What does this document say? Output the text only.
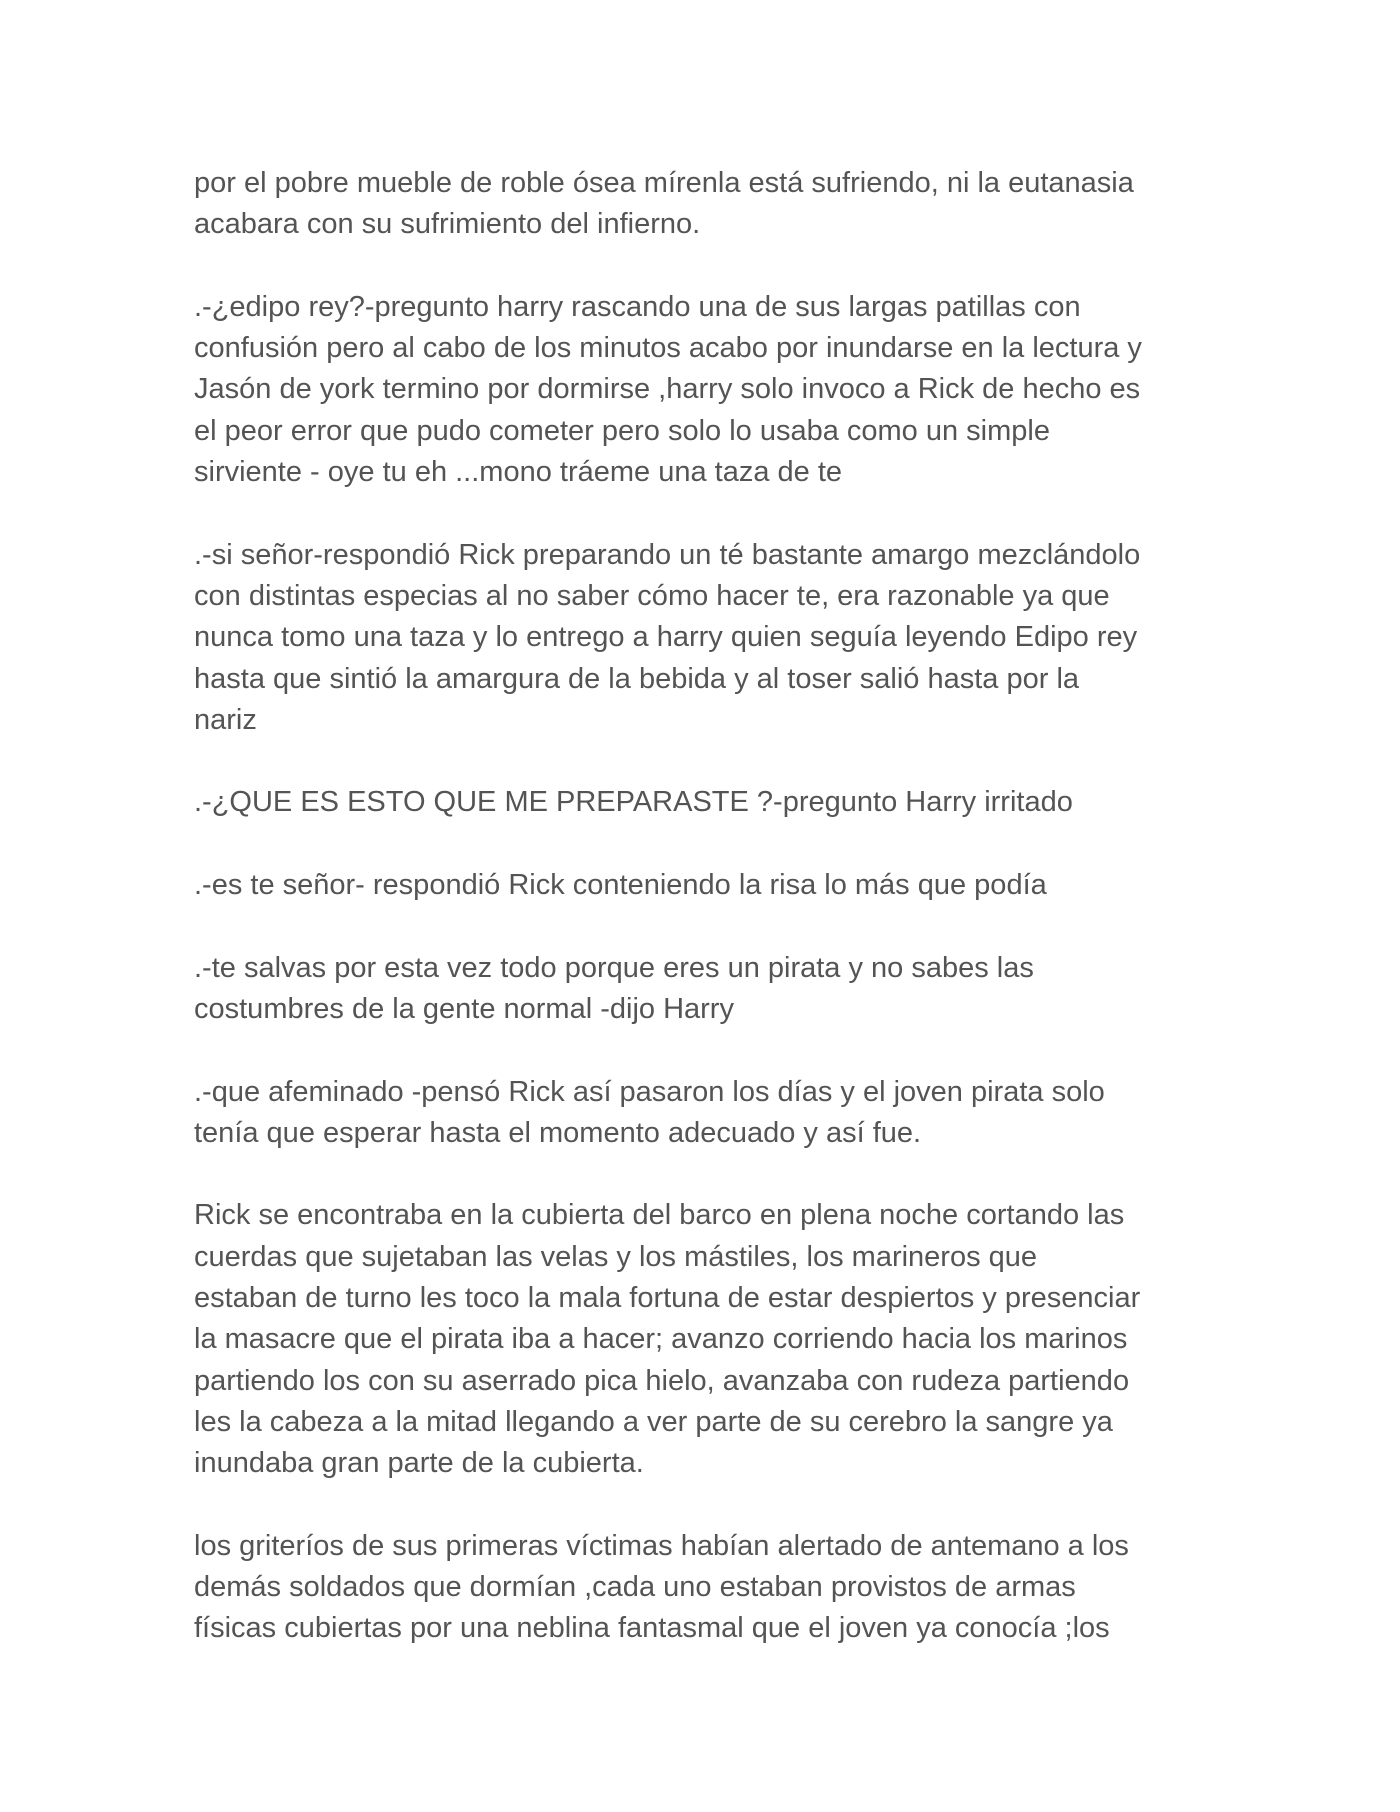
por el pobre mueble de roble ósea mírenla está sufriendo, ni la eutanasia
acabara con su sufrimiento del infierno.

.-¿edipo rey?-pregunto harry rascando una de sus largas patillas con
confusión pero al cabo de los minutos acabo por inundarse en la lectura y
Jasón de york termino por dormirse ,harry solo invoco a Rick de hecho es
el peor error que pudo cometer pero solo lo usaba como un simple
sirviente - oye tu eh ...mono tráeme una taza de te

.-si señor-respondió Rick preparando un té bastante amargo mezclándolo
con distintas especias al no saber cómo hacer te, era razonable ya que
nunca tomo una taza y lo entrego a harry quien seguía leyendo Edipo rey
hasta que sintió la amargura de la bebida y al toser salió hasta por la
nariz

.-¿QUE ES ESTO QUE ME PREPARASTE ?-pregunto Harry irritado

.-es te señor- respondió Rick conteniendo la risa lo más que podía

.-te salvas por esta vez todo porque eres un pirata y no sabes las
costumbres de la gente normal -dijo Harry

.-que afeminado -pensó Rick así pasaron los días y el joven pirata solo
tenía que esperar hasta el momento adecuado y así fue.

Rick se encontraba en la cubierta del barco en plena noche cortando las
cuerdas que sujetaban las velas y los mástiles, los marineros que
estaban de turno les toco la mala fortuna de estar despiertos y presenciar
la masacre que el pirata iba a hacer; avanzo corriendo hacia los marinos
partiendo los con su aserrado pica hielo, avanzaba con rudeza partiendo
les la cabeza a la mitad llegando a ver parte de su cerebro la sangre ya
inundaba gran parte de la cubierta.

los griteríos de sus primeras víctimas habían alertado de antemano a los
demás soldados que dormían ,cada uno estaban provistos de armas
físicas cubiertas por una neblina fantasmal que el joven ya conocía ;los
